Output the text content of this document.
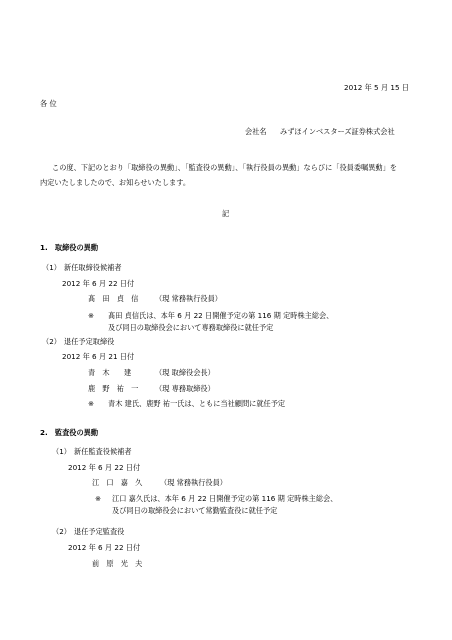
2012 年 5 月 15 日
各 位
会社名 みずほインベスターズ証券株式会社
この度、下記のとおり「取締役の異動」、「監査役の異動」、「執行役員の異動」ならびに「役員委嘱異動」を
内定いたしましたので、お知らせいたします。
記
1.　取締役の異動
（1） 新任取締役候補者
2012 年 6 月 22 日付
髙　田　貞　信 （現 常務執行役員）
※ 髙田 貞信氏は、本年 6 月 22 日開催予定の第 116 期 定時株主総会、
及び同日の取締役会において専務取締役に就任予定
（2） 退任予定取締役
2012 年 6 月 21 日付
青　木　　建	（現 取締役会長）
鹿　野　祐　一 （現 専務取締役）
※ 青木 建氏、鹿野 祐一氏は、ともに当社顧問に就任予定
2.　監査役の異動
（1） 新任監査役候補者
2012 年 6 月 22 日付
江　口　嘉　久 （現 常務執行役員）
※ 江口 嘉久氏は、本年 6 月 22 日開催予定の第 116 期 定時株主総会、
及び同日の取締役会において常勤監査役に就任予定
（2） 退任予定監査役
2012 年 6 月 22 日付
前　原　光　夫
